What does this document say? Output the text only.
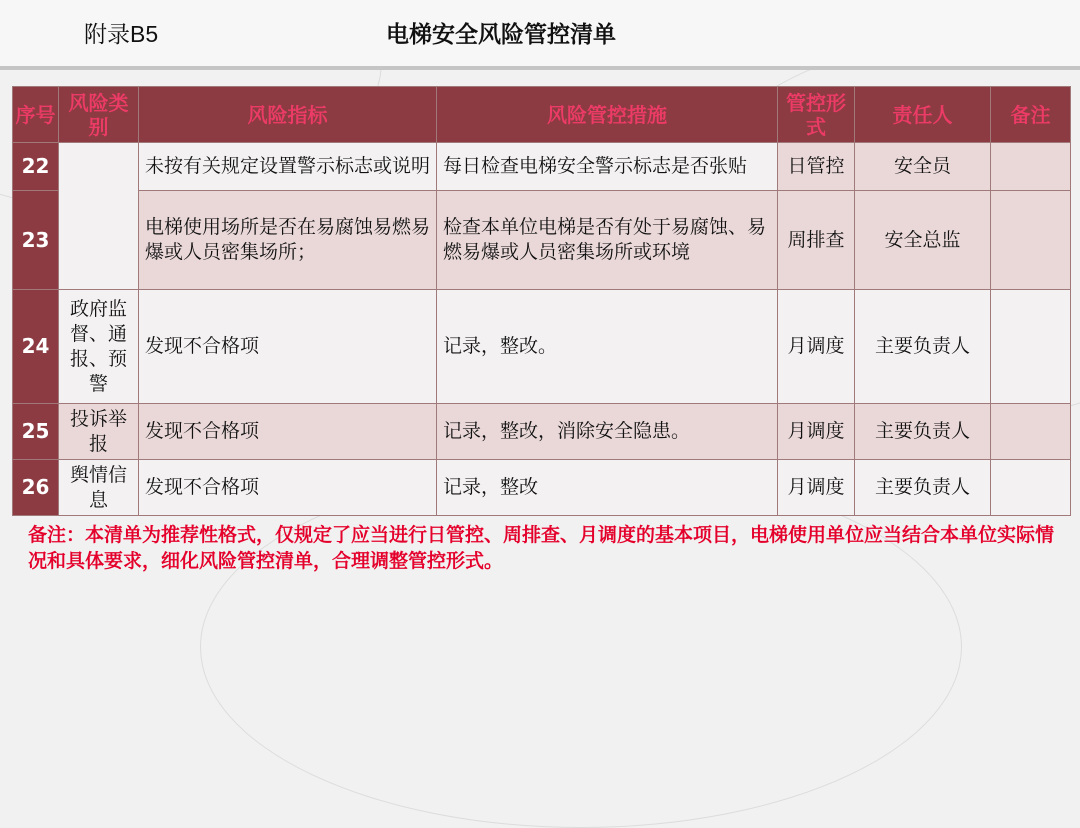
附录B5	电梯安全风险管控清单
序号	风险类别	风险指标	风险管控措施	管控形式	责任人	备注
22		未按有关规定设置警示标志或说明	每日检查电梯安全警示标志是否张贴	日管控	安全员	
23		电梯使用场所是否在易腐蚀易燃易爆或人员密集场所；	检查本单位电梯是否有处于易腐蚀、易燃易爆或人员密集场所或环境	周排查	安全总监	
24	政府监督、通报、预警	发现不合格项	记录，整改。	月调度	主要负责人	
25	投诉举报	发现不合格项	记录，整改，消除安全隐患。	月调度	主要负责人	
26	舆情信息	发现不合格项	记录，整改	月调度	主要负责人	
备注：本清单为推荐性格式，仅规定了应当进行日管控、周排查、月调度的基本项目，电梯使用单位应当结合本单位实际情况和具体要求，细化风险管控清单，合理调整管控形式。
